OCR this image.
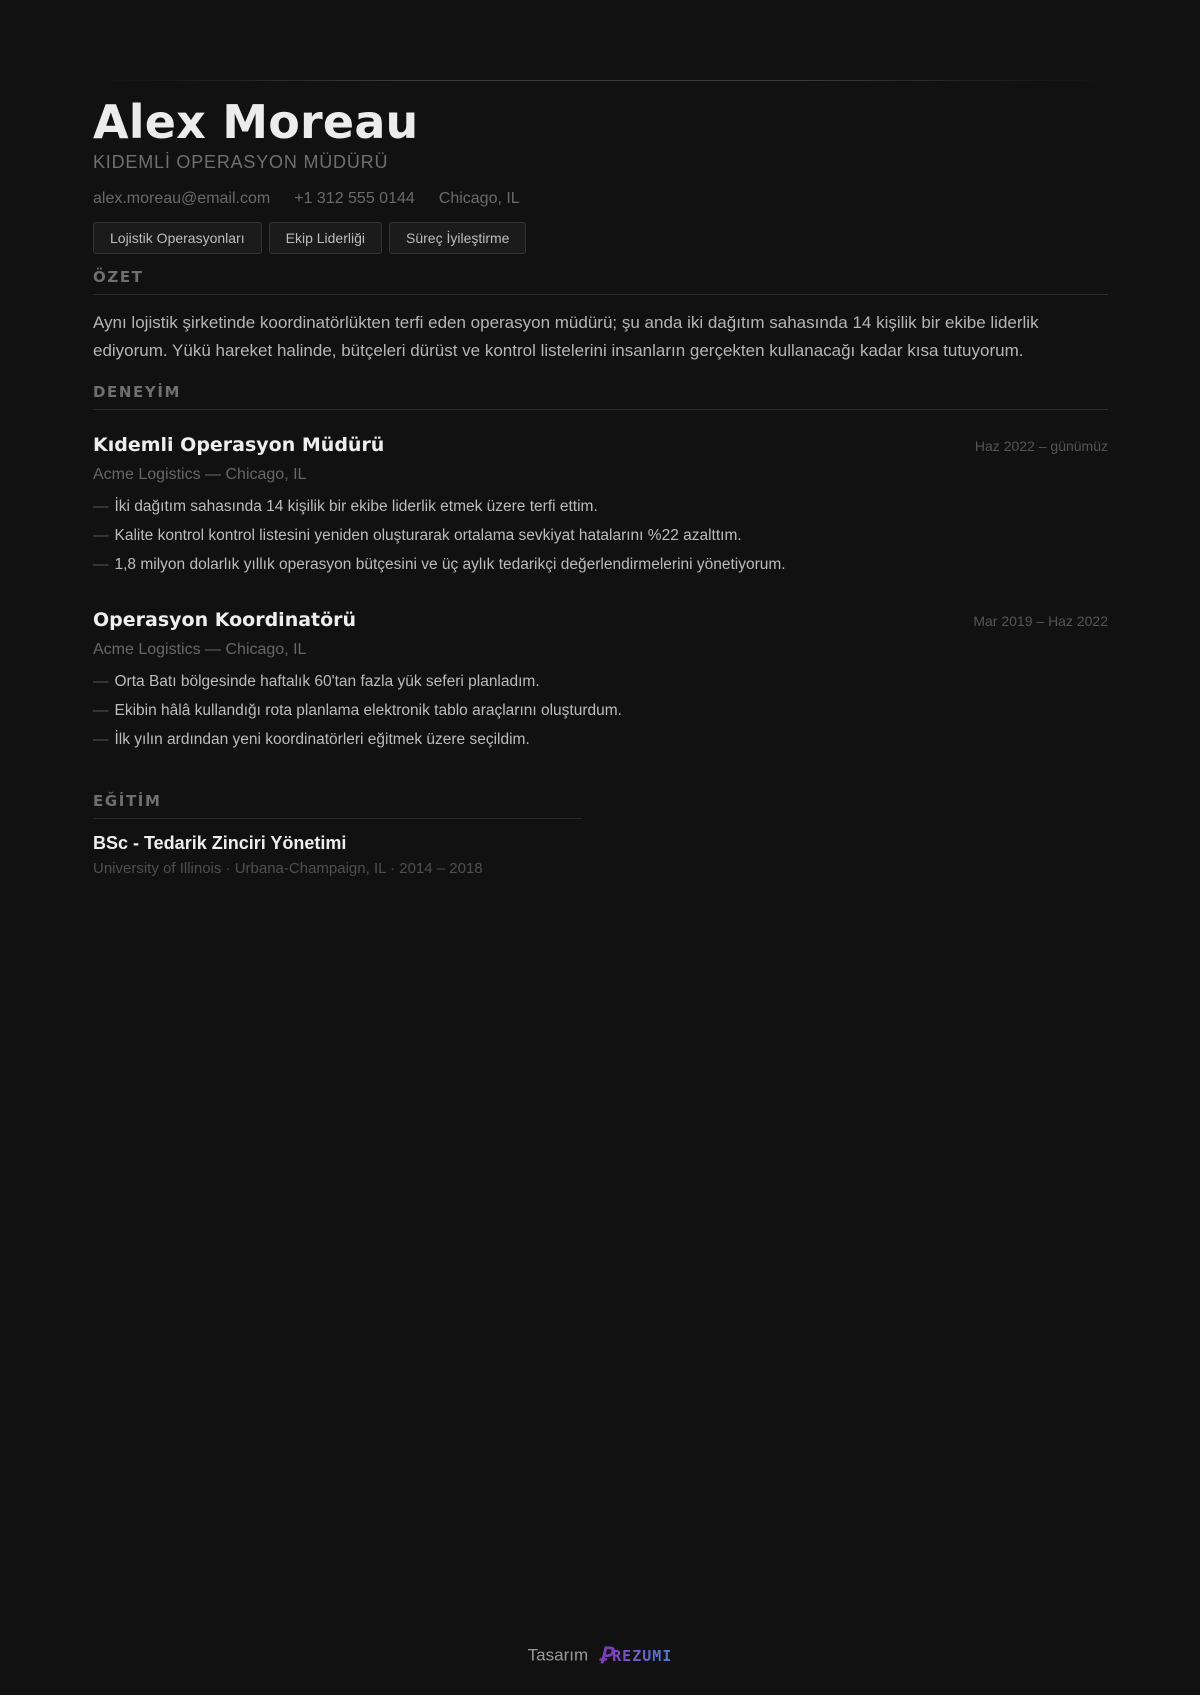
Alex Moreau
KIDEMLİ OPERASYON MÜDÜRÜ
alex.moreau@email.com +1 312 555 0144 Chicago, IL
Lojistik Operasyonları	Ekip Liderliği	Süreç İyileştirme
ÖZET
Aynı lojistik şirketinde koordinatörlükten terfi eden operasyon müdürü; şu anda iki dağıtım sahasında 14 kişilik bir ekibe liderlik ediyorum. Yükü hareket halinde, bütçeleri dürüst ve kontrol listelerini insanların gerçekten kullanacağı kadar kısa tutuyorum.
DENEYİM
Kıdemli Operasyon Müdürü	Haz 2022 – günümüz
Acme Logistics — Chicago, IL
— İki dağıtım sahasında 14 kişilik bir ekibe liderlik etmek üzere terfi ettim.
— Kalite kontrol kontrol listesini yeniden oluşturarak ortalama sevkiyat hatalarını %22 azalttım.
— 1,8 milyon dolarlık yıllık operasyon bütçesini ve üç aylık tedarikçi değerlendirmelerini yönetiyorum.
Operasyon Koordinatörü	Mar 2019 – Haz 2022
Acme Logistics — Chicago, IL
— Orta Batı bölgesinde haftalık 60'tan fazla yük seferi planladım.
— Ekibin hâlâ kullandığı rota planlama elektronik tablo araçlarını oluşturdum.
— İlk yılın ardından yeni koordinatörleri eğitmek üzere seçildim.
EĞİTİM
BSc - Tedarik Zinciri Yönetimi
University of Illinois · Urbana-Champaign, IL · 2014 – 2018
Tasarım Ꝑ REZUMI
